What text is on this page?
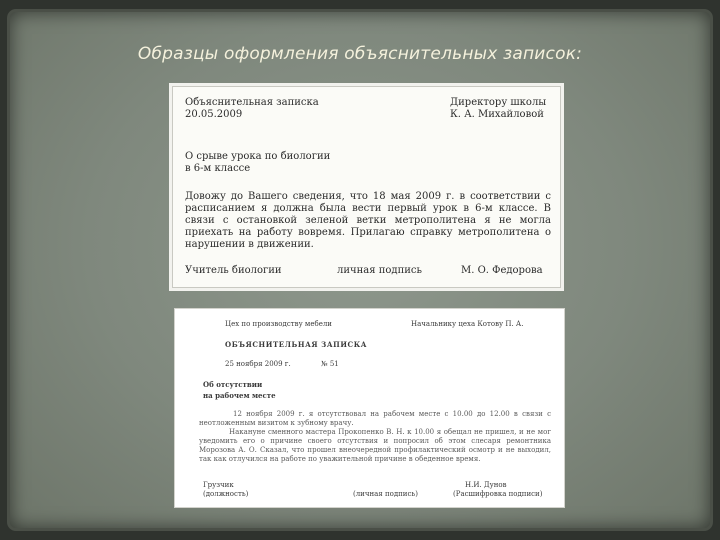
Образцы оформления объяснительных записок:
Объяснительная записка
20.05.2009
Директору школы
К. А. Михайловой
О срыве урока по биологии
в 6-м классе
Довожу до Вашего сведения, что 18 мая 2009 г. в соответствии с расписанием я должна была вести первый урок в 6-м классе. В связи с остановкой зеленой ветки метрополитена я не могла приехать на работу вовремя. Прилагаю справку метрополитена о нарушении в движении.
Учитель биологии	личная подпись	М. О. Федорова
Цех по производству мебели	Начальнику цеха Котову П. А.
ОБЪЯСНИТЕЛЬНАЯ ЗАПИСКА
25 ноября 2009 г.	№ 51
Об отсутствии
на рабочем месте

12 ноября 2009 г. я отсутствовал на рабочем месте с 10.00 до 12.00 в связи с неотложенным визитом к зубному врачу.

Накануне сменного мастера Прокопенко В. Н. к 10.00 я обещал не пришел, и не мог уведомить его о причине своего отсутствия и попросил об этом слесаря ремонтника Морозова А. О. Сказал, что прошел внеочередной профилактический осмотр и не выходил, так как отлучился на работе по уважительной причине в обеденное время.

Грузчик
(должность)	(личная подпись)
Н.И. Дунов
(Расшифровка подписи)
